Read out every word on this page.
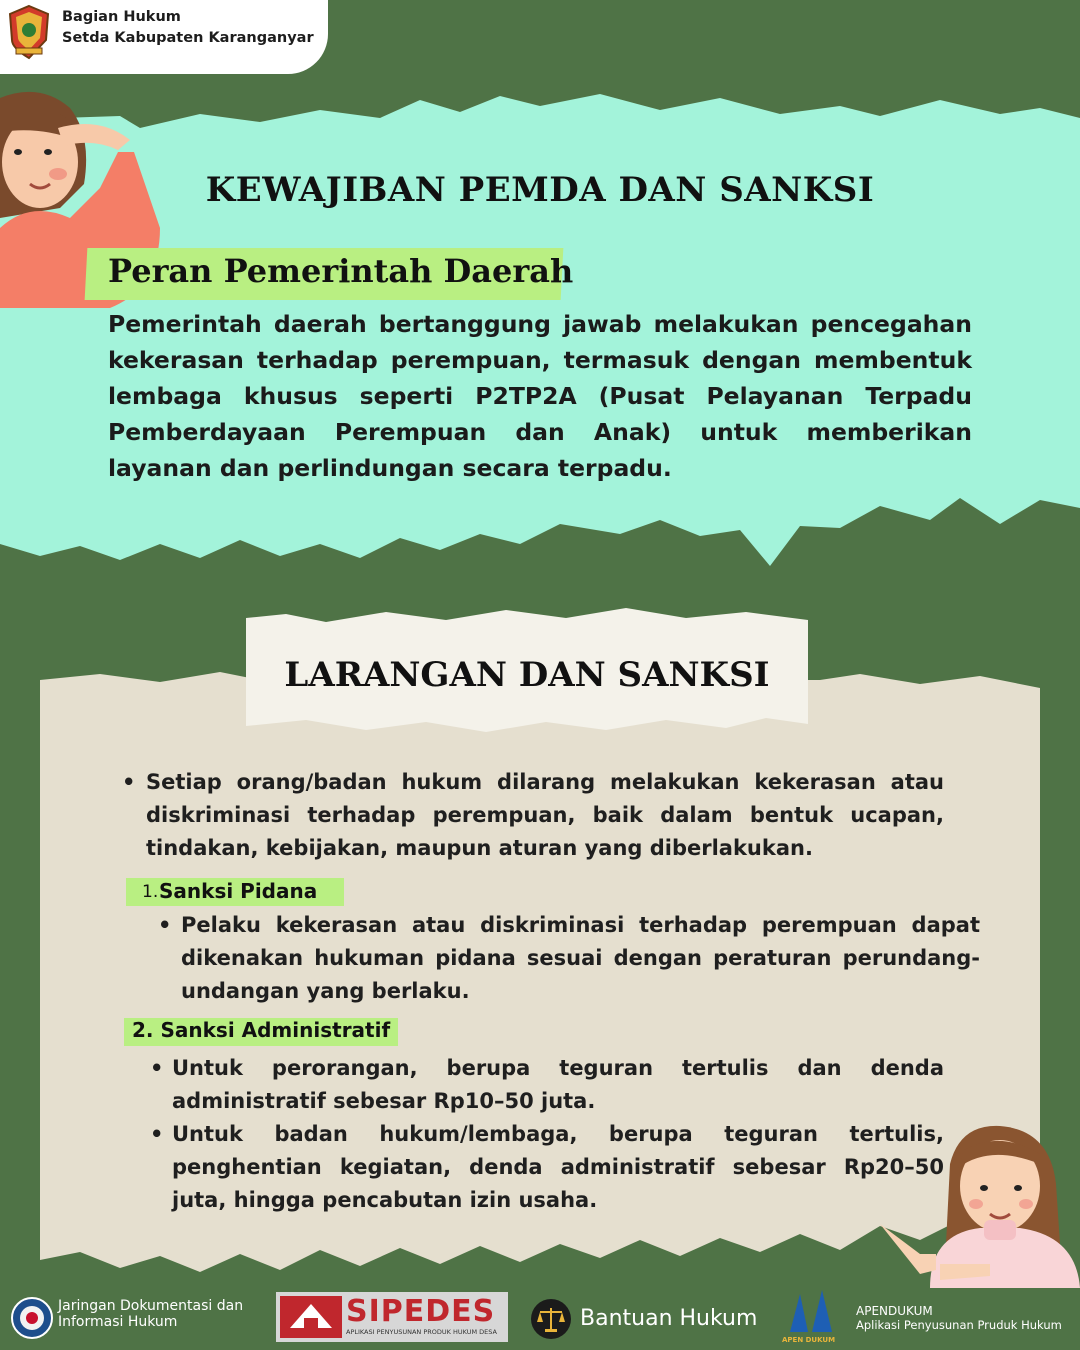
Bagian Hukum
Setda Kabupaten Karanganyar
KEWAJIBAN PEMDA DAN SANKSI
Peran Pemerintah Daerah
Pemerintah daerah bertanggung jawab melakukan pencegahan kekerasan terhadap perempuan, termasuk dengan membentuk lembaga khusus seperti P2TP2A (Pusat Pelayanan Terpadu Pemberdayaan Perempuan dan Anak) untuk memberikan layanan dan perlindungan secara terpadu.
LARANGAN DAN SANKSI
• Setiap orang/badan hukum dilarang melakukan kekerasan atau diskriminasi terhadap perempuan, baik dalam bentuk ucapan, tindakan, kebijakan, maupun aturan yang diberlakukan.
1. Sanksi Pidana
• Pelaku kekerasan atau diskriminasi terhadap perempuan dapat dikenakan hukuman pidana sesuai dengan peraturan perundang-undangan yang berlaku.
2. Sanksi Administratif
• Untuk perorangan, berupa teguran tertulis dan denda administratif sebesar Rp10–50 juta.
• Untuk badan hukum/lembaga, berupa teguran tertulis, penghentian kegiatan, denda administratif sebesar Rp20–50 juta, hingga pencabutan izin usaha.
Jaringan Dokumentasi dan
Informasi Hukum	SIPEDES
APLIKASI PENYUSUNAN PRODUK HUKUM DESA
Bantuan Hukum
APEN DUKUM
APENDUKUM
Aplikasi Penyusunan Pruduk Hukum
